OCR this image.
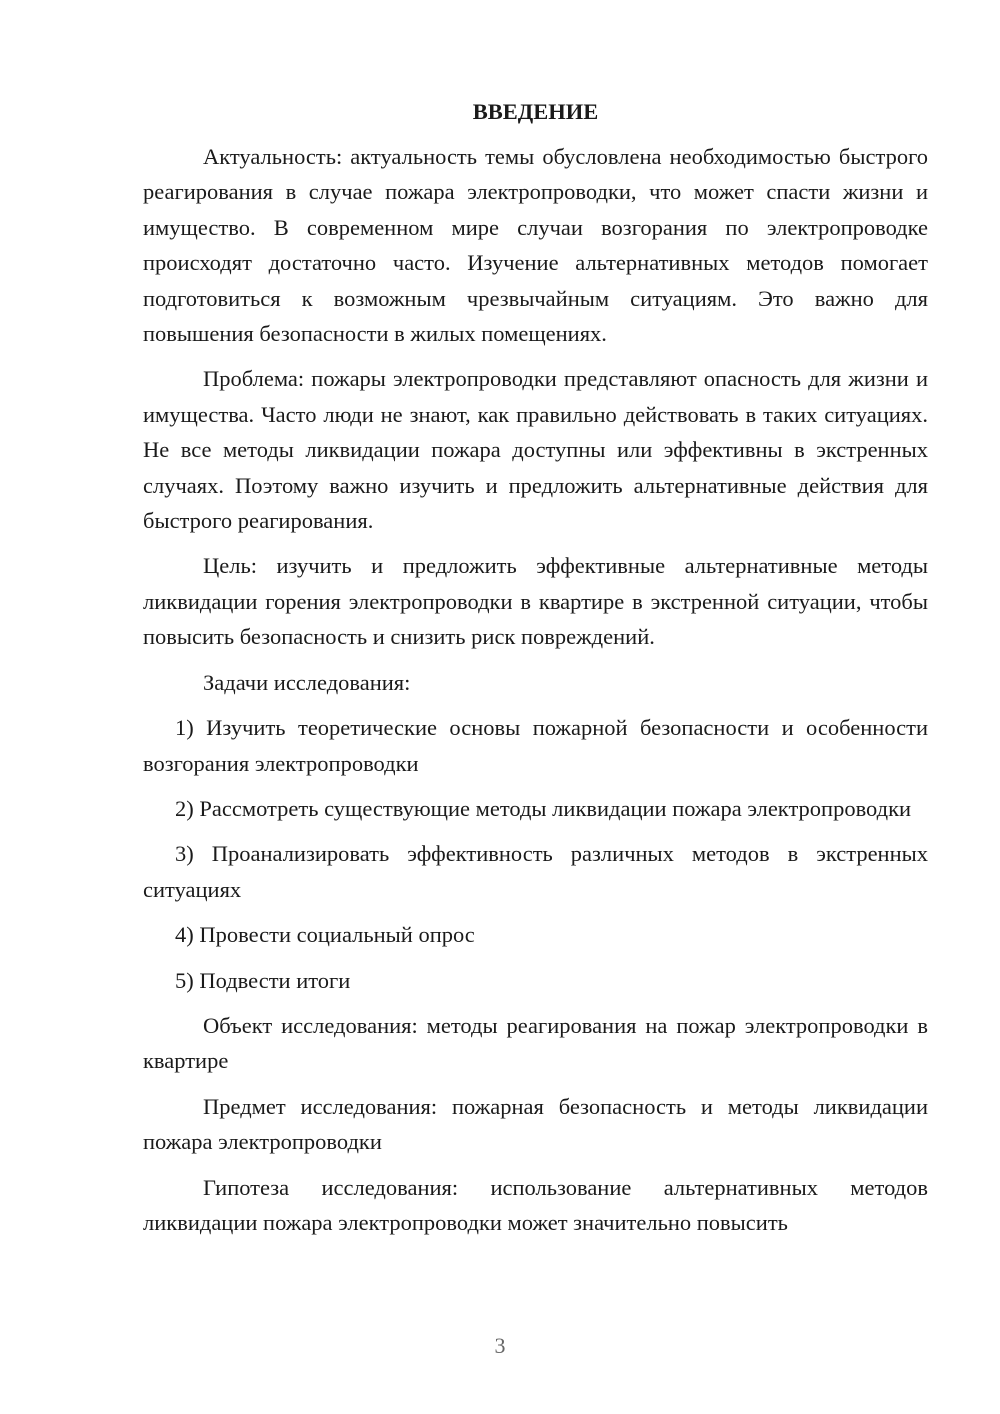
ВВЕДЕНИЕ

Актуальность: актуальность темы обусловлена необходимостью быстрого реагирования в случае пожара электропроводки, что может спасти жизни и имущество. В современном мире случаи возгорания по электропроводке происходят достаточно часто. Изучение альтернативных методов помогает подготовиться к возможным чрезвычайным ситуациям. Это важно для повышения безопасности в жилых помещениях.

Проблема: пожары электропроводки представляют опасность для жизни и имущества. Часто люди не знают, как правильно действовать в таких ситуациях. Не все методы ликвидации пожара доступны или эффективны в экстренных случаях. Поэтому важно изучить и предложить альтернативные действия для быстрого реагирования.

Цель: изучить и предложить эффективные альтернативные методы ликвидации горения электропроводки в квартире в экстренной ситуации, чтобы повысить безопасность и снизить риск повреждений.

Задачи исследования:

1) Изучить теоретические основы пожарной безопасности и особенности возгорания электропроводки

2) Рассмотреть существующие методы ликвидации пожара электропроводки

3) Проанализировать эффективность различных методов в экстренных ситуациях

4) Провести социальный опрос

5) Подвести итоги

Объект исследования: методы реагирования на пожар электропроводки в квартире

Предмет исследования: пожарная безопасность и методы ликвидации пожара электропроводки

Гипотеза исследования: использование альтернативных методов ликвидации пожара электропроводки может значительно повысить

3
